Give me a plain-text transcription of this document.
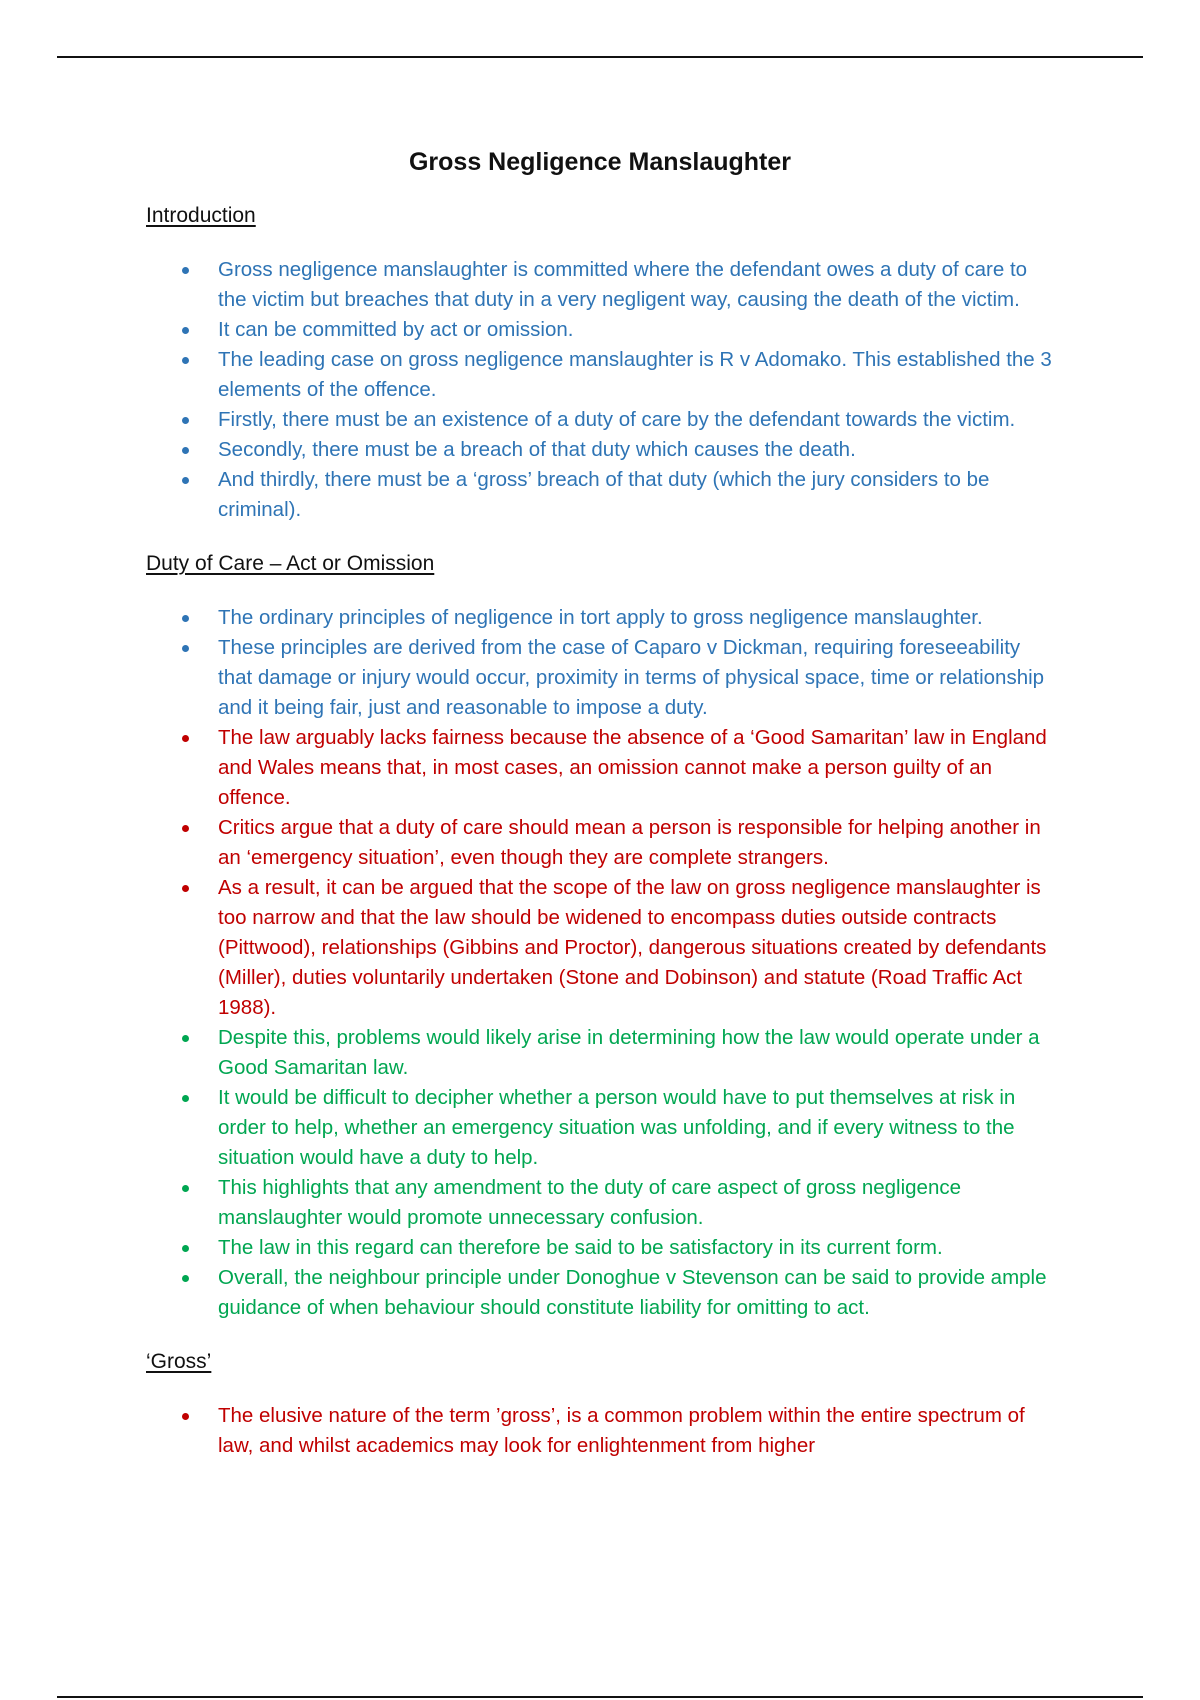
Gross Negligence Manslaughter
Introduction
Gross negligence manslaughter is committed where the defendant owes a duty of care to the victim but breaches that duty in a very negligent way, causing the death of the victim.
It can be committed by act or omission.
The leading case on gross negligence manslaughter is R v Adomako. This established the 3 elements of the offence.
Firstly, there must be an existence of a duty of care by the defendant towards the victim.
Secondly, there must be a breach of that duty which causes the death.
And thirdly, there must be a ‘gross’ breach of that duty (which the jury considers to be criminal).
Duty of Care – Act or Omission
The ordinary principles of negligence in tort apply to gross negligence manslaughter.
These principles are derived from the case of Caparo v Dickman, requiring foreseeability that damage or injury would occur, proximity in terms of physical space, time or relationship and it being fair, just and reasonable to impose a duty.
The law arguably lacks fairness because the absence of a ‘Good Samaritan’ law in England and Wales means that, in most cases, an omission cannot make a person guilty of an offence.
Critics argue that a duty of care should mean a person is responsible for helping another in an ‘emergency situation’, even though they are complete strangers.
As a result, it can be argued that the scope of the law on gross negligence manslaughter is too narrow and that the law should be widened to encompass duties outside contracts (Pittwood), relationships (Gibbins and Proctor), dangerous situations created by defendants (Miller), duties voluntarily undertaken (Stone and Dobinson) and statute (Road Traffic Act 1988).
Despite this, problems would likely arise in determining how the law would operate under a Good Samaritan law.
It would be difficult to decipher whether a person would have to put themselves at risk in order to help, whether an emergency situation was unfolding, and if every witness to the situation would have a duty to help.
This highlights that any amendment to the duty of care aspect of gross negligence manslaughter would promote unnecessary confusion.
The law in this regard can therefore be said to be satisfactory in its current form.
Overall, the neighbour principle under Donoghue v Stevenson can be said to provide ample guidance of when behaviour should constitute liability for omitting to act.
‘Gross’
The elusive nature of the term ’gross’, is a common problem within the entire spectrum of law, and whilst academics may look for enlightenment from higher
